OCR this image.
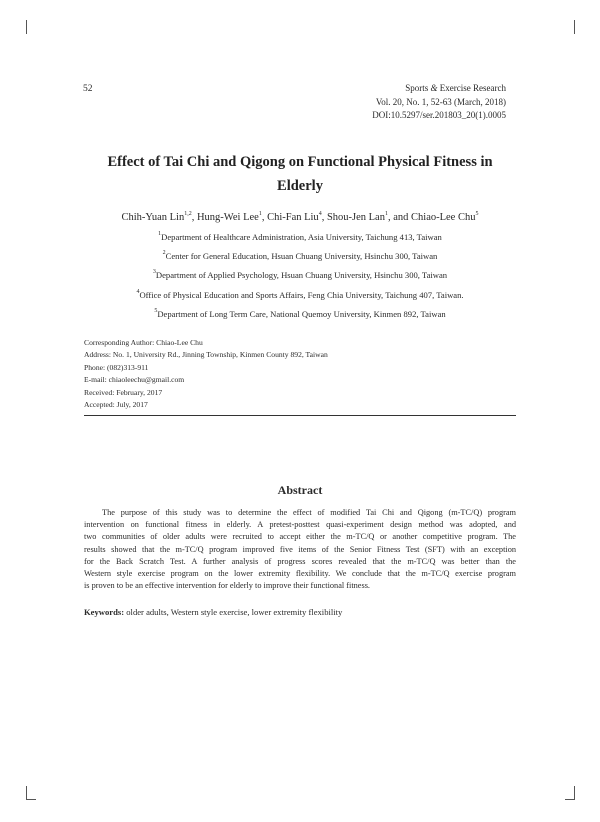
52	Sports & Exercise Research
Vol. 20, No. 1, 52-63 (March, 2018)
DOI:10.5297/ser.201803_20(1).0005
Effect of Tai Chi and Qigong on Functional Physical Fitness in
Elderly
Chih-Yuan Lin$^{1,2}$, Hung-Wei Lee$^1$, Chi-Fan Liu$^4$, Shou-Jen Lan$^1$, and Chiao-Lee Chu$^5$
$^1$Department of Healthcare Administration, Asia University, Taichung 413, Taiwan
$^2$Center for General Education, Hsuan Chuang University, Hsinchu 300, Taiwan
$^3$Department of Applied Psychology, Hsuan Chuang University, Hsinchu 300, Taiwan
$^4$Office of Physical Education and Sports Affairs, Feng Chia University, Taichung 407, Taiwan.
$^5$Department of Long Term Care, National Quemoy University, Kinmen 892, Taiwan
Corresponding Author: Chiao-Lee Chu
Address: No. 1, University Rd., Jinning Township, Kinmen County 892, Taiwan
Phone: (082)313-911
E-mail: chiaoleechu@gmail.com
Received: February, 2017
Accepted: July, 2017
Abstract
The purpose of this study was to determine the effect of modified Tai Chi and Qigong (m-TC/Q) program
intervention on functional fitness in elderly. A pretest-posttest quasi-experiment design method was adopted, and
two communities of older adults were recruited to accept either the m-TC/Q or another competitive program. The
results showed that the m-TC/Q program improved five items of the Senior Fitness Test (SFT) with an exception
for the Back Scratch Test. A further analysis of progress scores revealed that the m-TC/Q was better than the
Western style exercise program on the lower extremity flexibility. We conclude that the m-TC/Q exercise program
is proven to be an effective intervention for elderly to improve their functional fitness.
Keywords: older adults, Western style exercise, lower extremity flexibility
